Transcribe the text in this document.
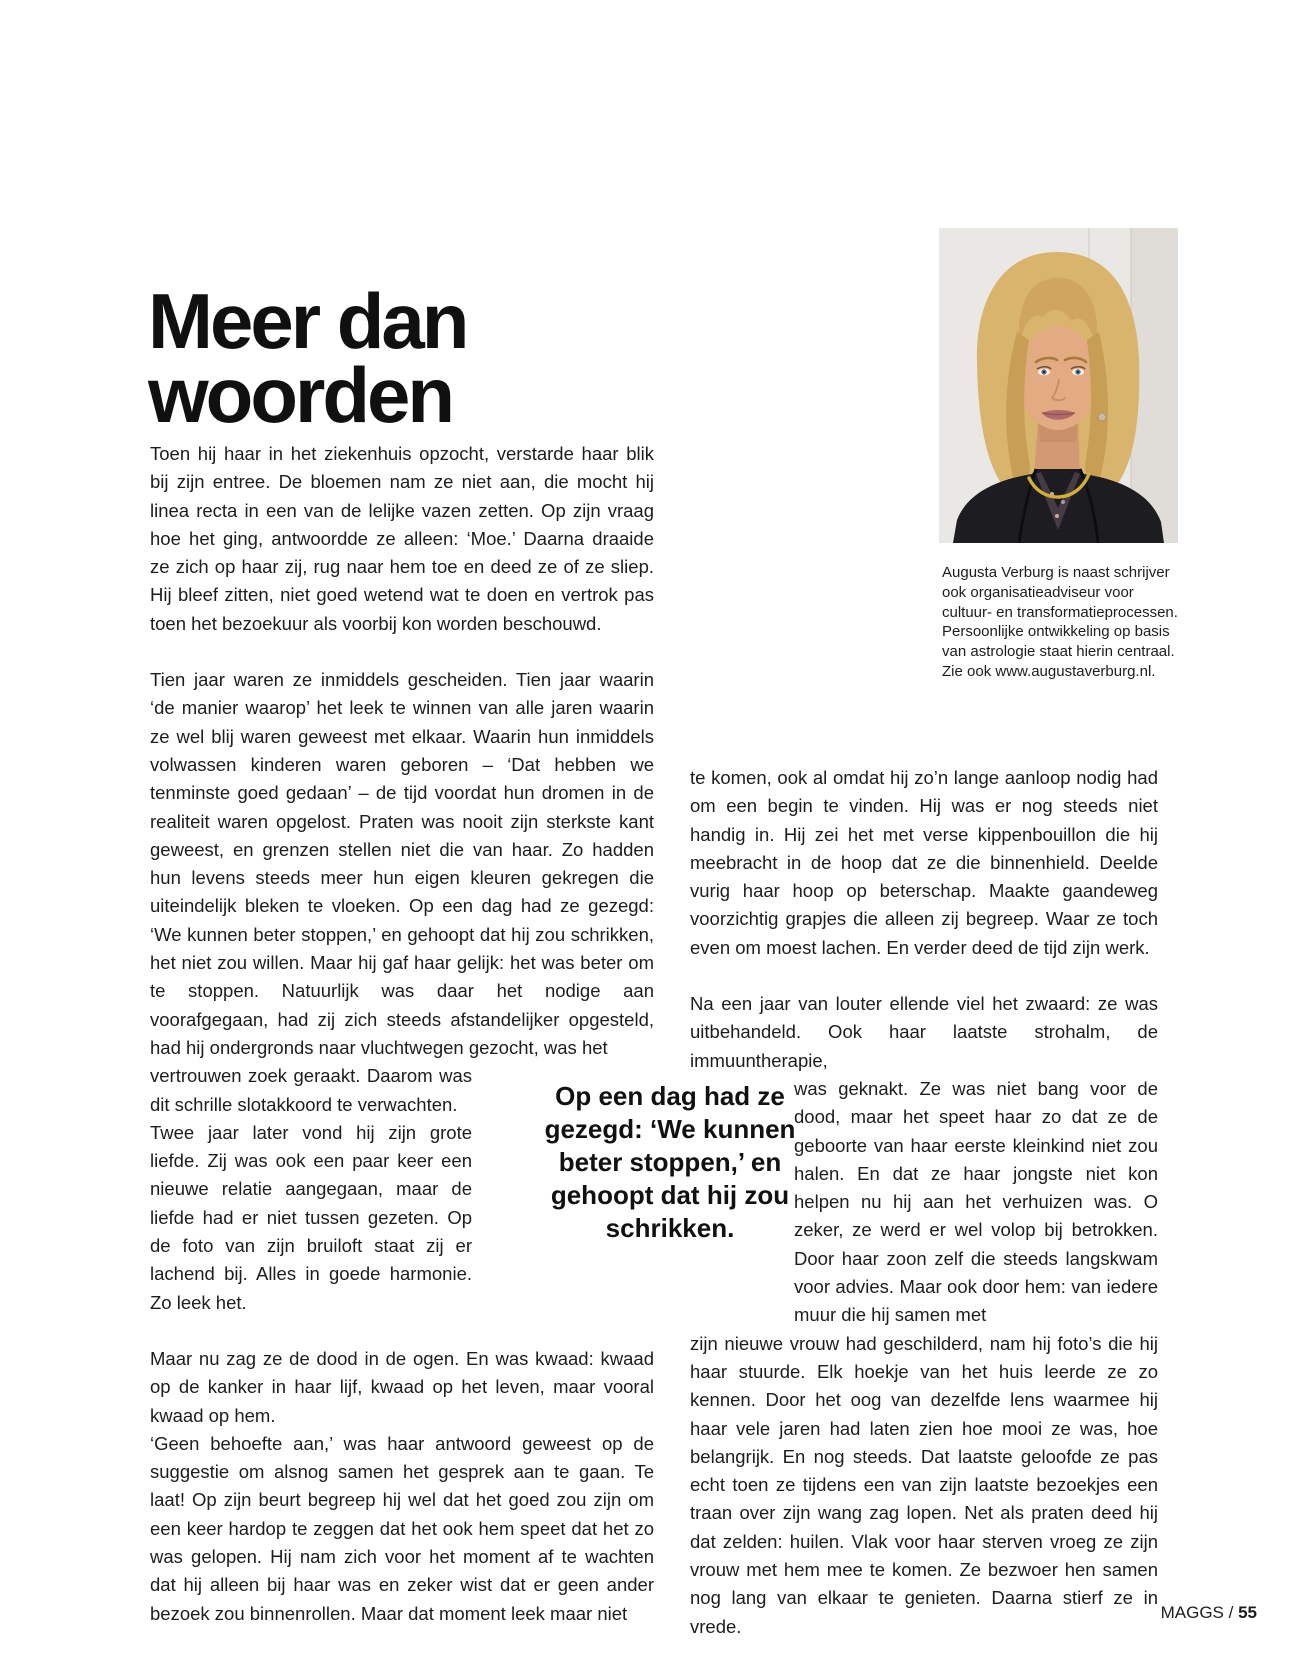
Meer dan
woorden
Augusta Verburg is naast schrijver ook organisatieadviseur voor cultuur- en transformatieprocessen. Persoonlijke ontwikkeling op basis van astrologie staat hierin centraal. Zie ook www.augustaverburg.nl.

Toen hij haar in het ziekenhuis opzocht, verstarde haar blik bij zijn entree. De bloemen nam ze niet aan, die mocht hij linea recta in een van de lelijke vazen zetten. Op zijn vraag hoe het ging, antwoordde ze alleen: ‘Moe.’ Daarna draaide ze zich op haar zij, rug naar hem toe en deed ze of ze sliep. Hij bleef zitten, niet goed wetend wat te doen en vertrok pas toen het bezoekuur als voorbij kon worden beschouwd.

Tien jaar waren ze inmiddels gescheiden. Tien jaar waarin ‘de manier waarop’ het leek te winnen van alle jaren waarin ze wel blij waren geweest met elkaar. Waarin hun inmiddels volwassen kinderen waren geboren – ‘Dat hebben we tenminste goed gedaan’ – de tijd voordat hun dromen in de realiteit waren opgelost. Praten was nooit zijn sterkste kant geweest, en grenzen stellen niet die van haar. Zo hadden hun levens steeds meer hun eigen kleuren gekregen die uiteindelijk bleken te vloeken. Op een dag had ze gezegd: ‘We kunnen beter stoppen,’ en gehoopt dat hij zou schrikken, het niet zou willen. Maar hij gaf haar gelijk: het was beter om te stoppen. Natuurlijk was daar het nodige aan voorafgegaan, had zij zich steeds afstandelijker opgesteld, had hij ondergronds naar vluchtwegen gezocht, was het

vertrouwen zoek geraakt. Daarom was dit schrille slotakkoord te verwachten.

Twee jaar later vond hij zijn grote liefde. Zij was ook een paar keer een nieuwe relatie aangegaan, maar de liefde had er niet tussen gezeten. Op de foto van zijn bruiloft staat zij er lachend bij. Alles in goede harmonie. Zo leek het.

Maar nu zag ze de dood in de ogen. En was kwaad: kwaad op de kanker in haar lijf, kwaad op het leven, maar vooral kwaad op hem.

‘Geen behoefte aan,’ was haar antwoord geweest op de suggestie om alsnog samen het gesprek aan te gaan. Te laat! Op zijn beurt begreep hij wel dat het goed zou zijn om een keer hardop te zeggen dat het ook hem speet dat het zo was gelopen. Hij nam zich voor het moment af te wachten dat hij alleen bij haar was en zeker wist dat er geen ander bezoek zou binnenrollen. Maar dat moment leek maar niet

te komen, ook al omdat hij zo’n lange aanloop nodig had om een begin te vinden. Hij was er nog steeds niet handig in. Hij zei het met verse kippenbouillon die hij meebracht in de hoop dat ze die binnenhield. Deelde vurig haar hoop op beterschap. Maakte gaandeweg voorzichtig grapjes die alleen zij begreep. Waar ze toch even om moest lachen. En verder deed de tijd zijn werk.

Na een jaar van louter ellende viel het zwaard: ze was uitbehandeld. Ook haar laatste strohalm, de immuuntherapie,

was geknakt. Ze was niet bang voor de dood, maar het speet haar zo dat ze de geboorte van haar eerste kleinkind niet zou halen. En dat ze haar jongste niet kon helpen nu hij aan het verhuizen was. O zeker, ze werd er wel volop bij betrokken. Door haar zoon zelf die steeds langskwam voor advies. Maar ook door hem: van iedere muur die hij samen met

zijn nieuwe vrouw had geschilderd, nam hij foto’s die hij haar stuurde. Elk hoekje van het huis leerde ze zo kennen. Door het oog van dezelfde lens waarmee hij haar vele jaren had laten zien hoe mooi ze was, hoe belangrijk. En nog steeds. Dat laatste geloofde ze pas echt toen ze tijdens een van zijn laatste bezoekjes een traan over zijn wang zag lopen. Net als praten deed hij dat zelden: huilen. Vlak voor haar sterven vroeg ze zijn vrouw met hem mee te komen. Ze bezwoer hen samen nog lang van elkaar te genieten. Daarna stierf ze in vrede.

Op een dag had ze gezegd: ‘We kunnen beter stoppen,’ en gehoopt dat hij zou schrikken.
MAGGS / 55
